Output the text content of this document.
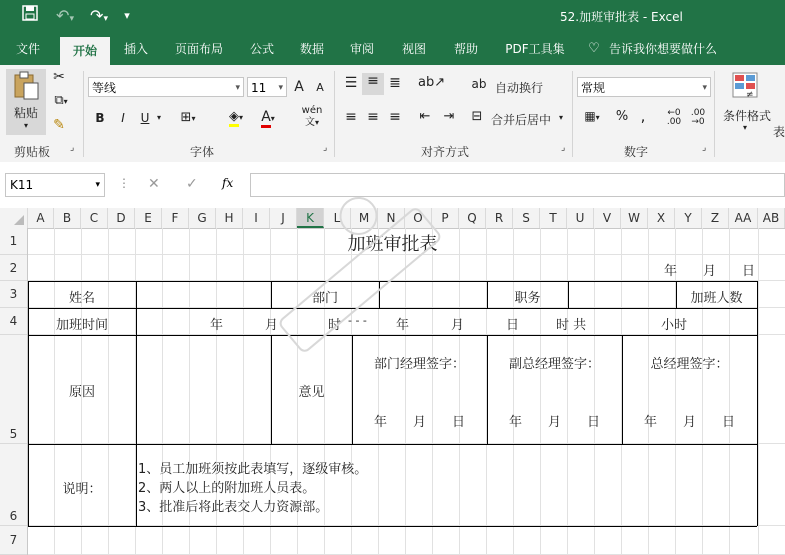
↶▾ ↷▾	▾	52.加班审批表 - Excel
文件	开始	插入	页面布局	公式	数据	审阅	视图	帮助	PDF工具集	♡ 告诉我你想要做什么
粘贴
▾
✂
⧉▾
✎
剪贴板 ⌟
等线	▾ 11 ▾ A A
B	I	U ▾ ⊞▾	◈▾	A▾
wén
文▾
字体	⌟
☰ ≡ ≣ ab↗ ab 自动换行
≡ ≡ ≡ ⇤ ⇥ ⊟ 合并后居中 ▾
对齐方式	⌟
常规	▾
▦▾	% ,	←0
.00
.00
→0
数字	⌟
≠
条件格式
▾ 表
K11	▾ ⋮ ✕ ✓ fx
A	B	C	D	E	F	G	H	I	J	K	L	M	N	O	P	Q	R	S	T	U	V	W	X	Y	Z	AA AB
1
2
3
4
5
6
7
加班审批表
年　　月　　日
姓名	部门	职务	加班人数
加班时间	年	月	时 - - - 年	月	日	时 共	小时
原因	意见
部门经理签字：	副总经理签字：	总经理签字：
年　　月　　日	年　　月　　日	年　　月　　日
说明：
1、员工加班须按此表填写，逐级审核。
2、两人以上的附加班人员表。
3、批准后将此表交人力资源部。
